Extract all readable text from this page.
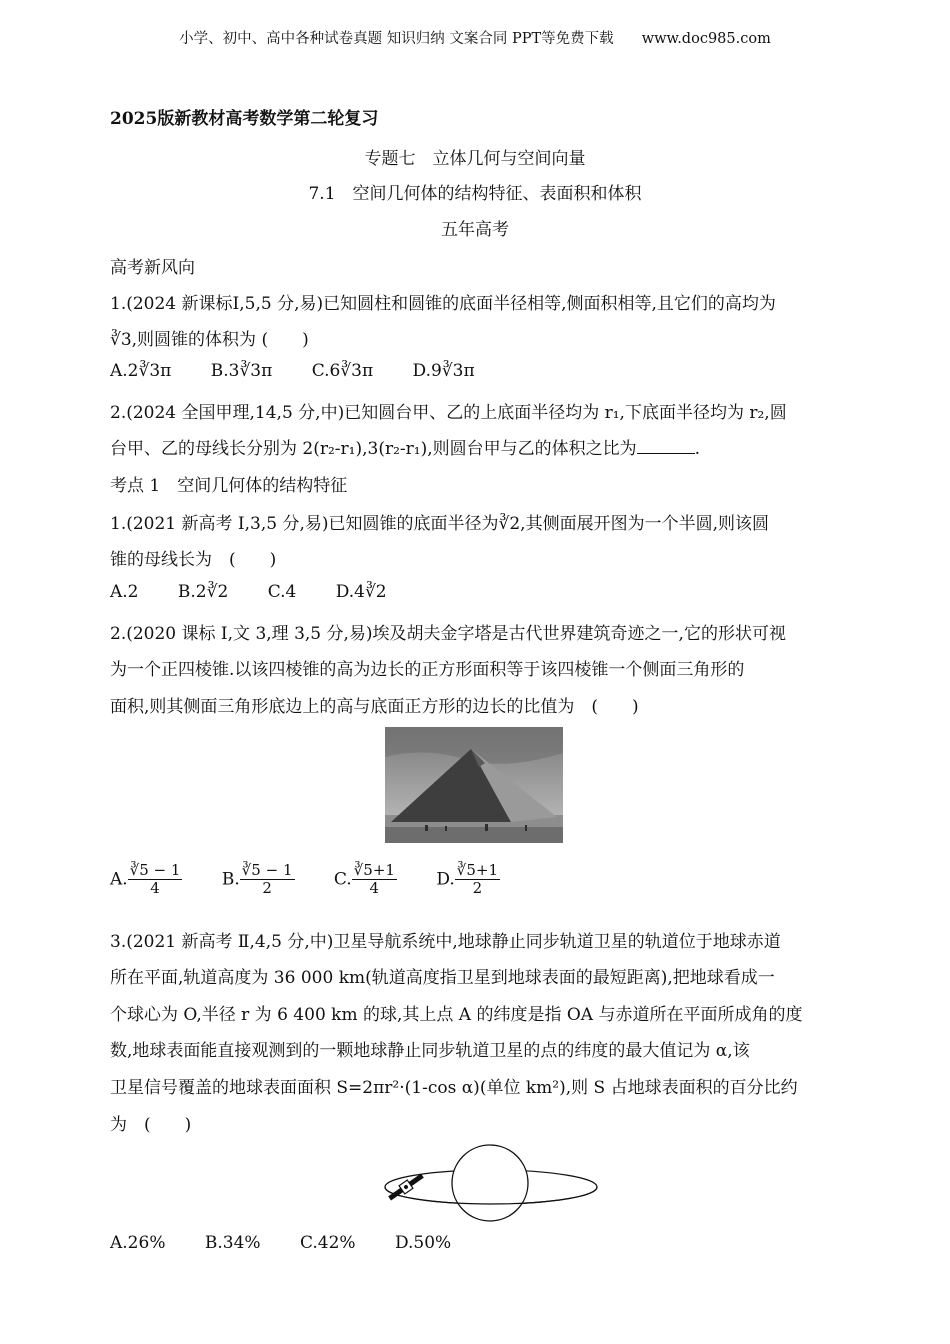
小学、初中、高中各种试卷真题 知识归纳 文案合同 PPT等免费下载 www.doc985.com
2025版新教材高考数学第二轮复习
专题七　立体几何与空间向量
7.1　空间几何体的结构特征、表面积和体积
五年高考
高考新风向
1.(2024 新课标Ⅰ,5,5 分,易)已知圆柱和圆锥的底面半径相等,侧面积相等,且它们的高均为
∛3,则圆锥的体积为 (　　)
A.2∛3π B.3∛3π C.6∛3π D.9∛3π
2.(2024 全国甲理,14,5 分,中)已知圆台甲、乙的上底面半径均为 r₁,下底面半径均为 r₂,圆
台甲、乙的母线长分别为 2(r₂-r₁),3(r₂-r₁),则圆台甲与乙的体积之比为	.
考点 1　空间几何体的结构特征
1.(2021 新高考 Ⅰ,3,5 分,易)已知圆锥的底面半径为∛2,其侧面展开图为一个半圆,则该圆
锥的母线长为　(　　)
A.2 B.2∛2 C.4 D.4∛2
2.(2020 课标 Ⅰ,文 3,理 3,5 分,易)埃及胡夫金字塔是古代世界建筑奇迹之一,它的形状可视
为一个正四棱锥.以该四棱锥的高为边长的正方形面积等于该四棱锥一个侧面三角形的
面积,则其侧面三角形底边上的高与底面正方形的边长的比值为　(　　)
A. $\frac{∛5 - 1}{4} B$. $\frac{∛5 - 1}{2} C$. $\frac{∛5+1}{4} D$. $\frac{∛5+1}{2}$
3.(2021 新高考 Ⅱ,4,5 分,中)卫星导航系统中,地球静止同步轨道卫星的轨道位于地球赤道
所在平面,轨道高度为 36 000 km(轨道高度指卫星到地球表面的最短距离),把地球看成一
个球心为 O,半径 r 为 6 400 km 的球,其上点 A 的纬度是指 OA 与赤道所在平面所成角的度
数,地球表面能直接观测到的一颗地球静止同步轨道卫星的点的纬度的最大值记为 α,该
卫星信号覆盖的地球表面面积 S=2πr²·(1-cos α)(单位 km²),则 S 占地球表面积的百分比约
为　(　　)
A.26% B.34% C.42% D.50%
